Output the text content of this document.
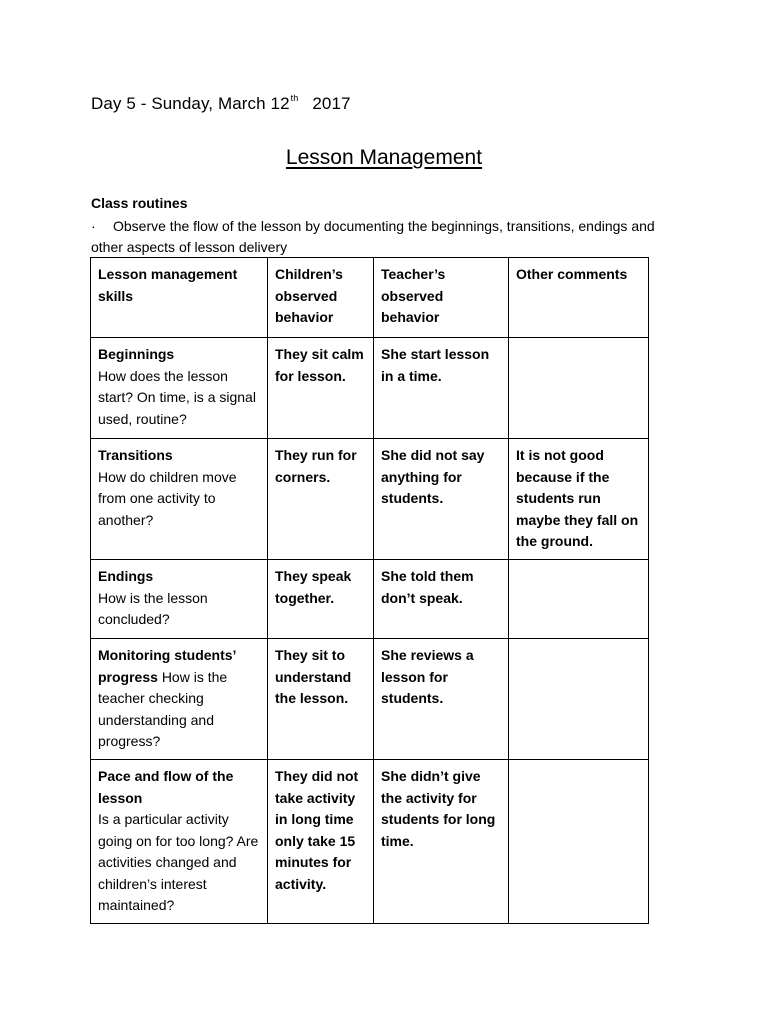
Day 5 - Sunday, March 12th 2017
Lesson Management
Class routines

· Observe the flow of the lesson by documenting the beginnings, transitions, endings and other aspects of lesson delivery

Lesson management skills	Children’s observed behavior	Teacher’s observed behavior	Other comments

Beginnings
How does the lesson start? On time, is a signal used, routine?	They sit calm for lesson.	She start lesson in a time.	

Transitions
How do children move from one activity to another?	They run for corners.	She did not say anything for students.	It is not good because if the students run maybe they fall on the ground.

Endings
How is the lesson concluded?	They speak together.	She told them don’t speak.	
Monitoring students’ progress How is the teacher checking understanding and progress?	They sit to understand the lesson.	She reviews a lesson for students.	

Pace and flow of the lesson
Is a particular activity going on for too long? Are activities changed and children’s interest maintained?	They did not take activity in long time only take 15 minutes for activity.	She didn’t give the activity for students for long time.	
